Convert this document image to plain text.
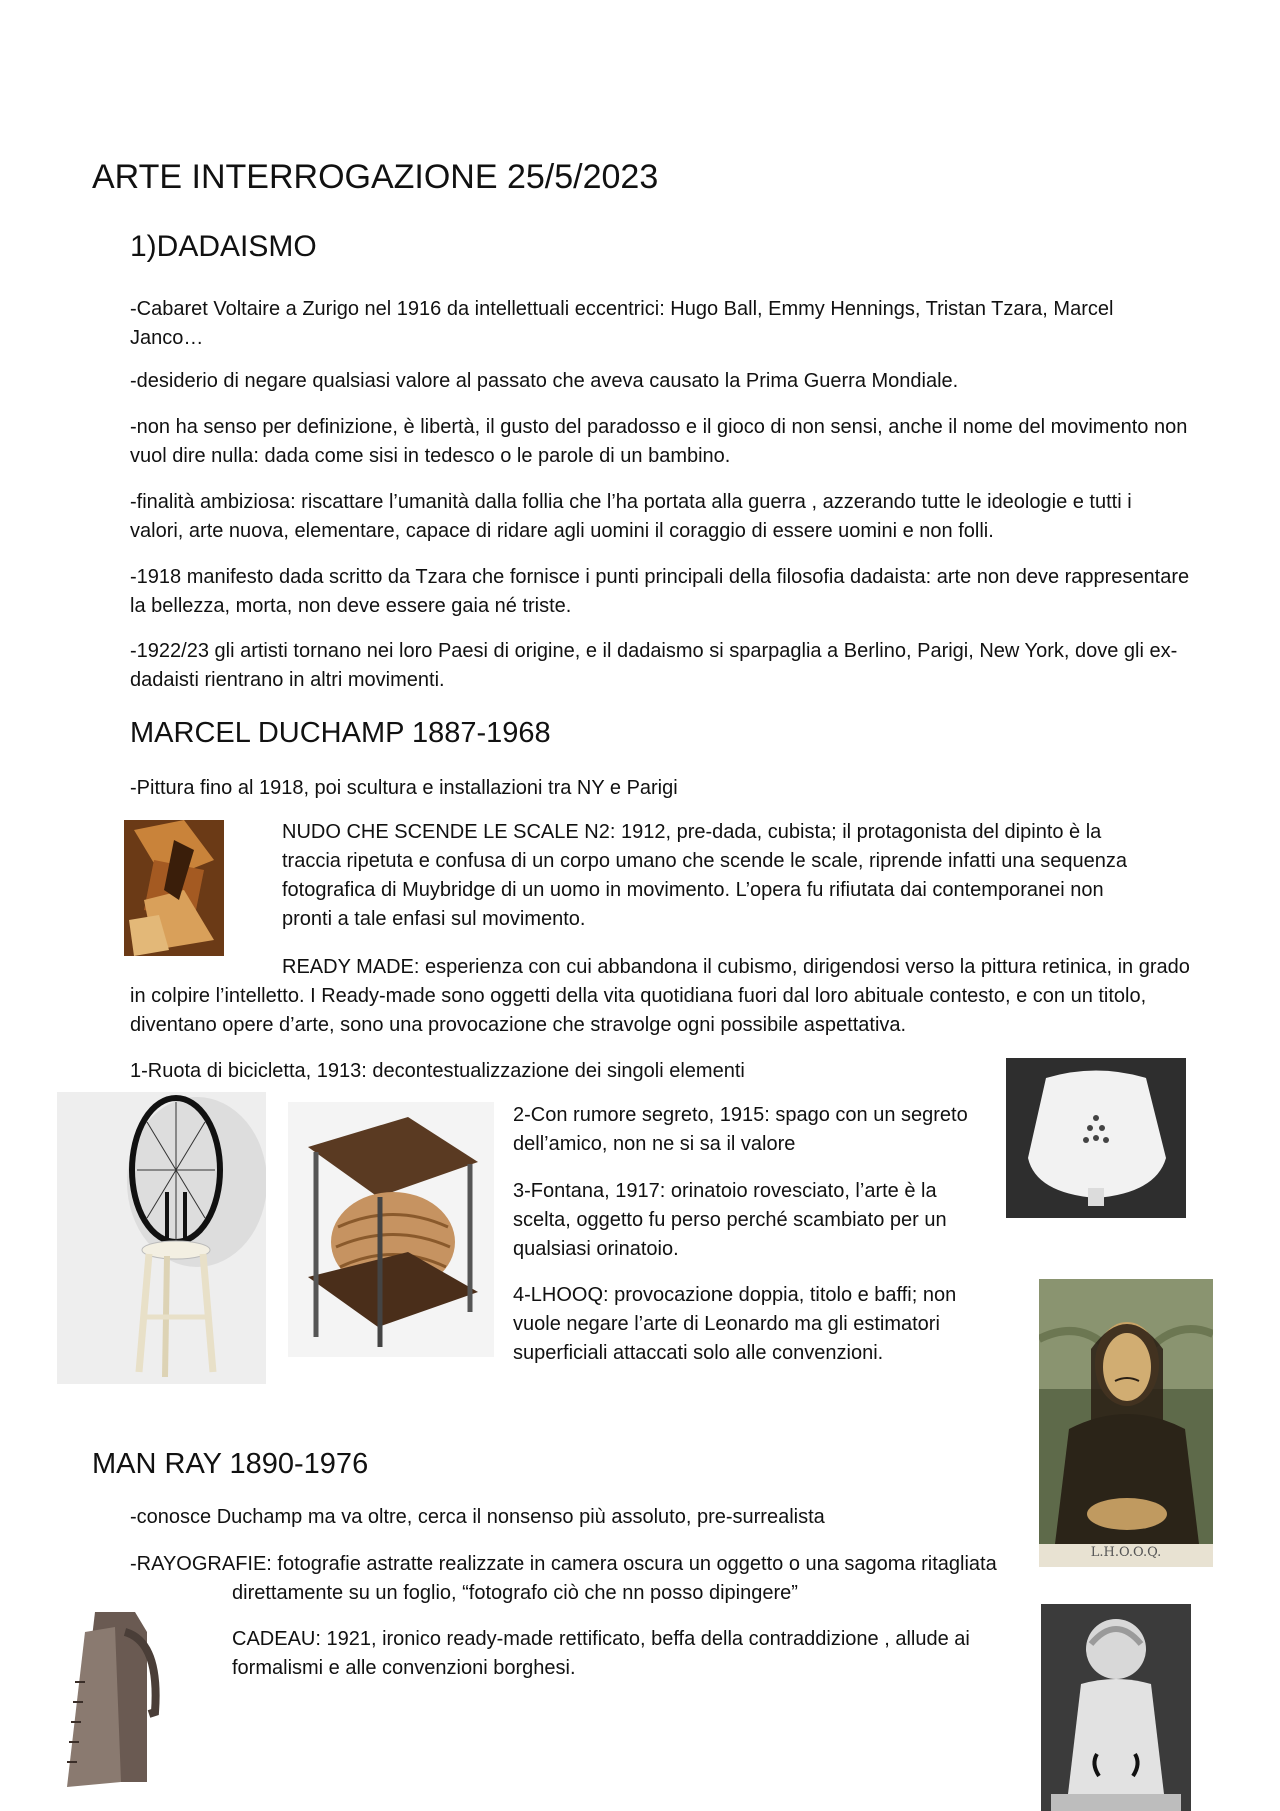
ARTE INTERROGAZIONE 25/5/2023
1)DADAISMO

-Cabaret Voltaire a Zurigo nel 1916 da intellettuali eccentrici: Hugo Ball, Emmy Hennings, Tristan Tzara, Marcel Janco…

-desiderio di negare qualsiasi valore al passato che aveva causato la Prima Guerra Mondiale.

-non ha senso per definizione, è libertà, il gusto del paradosso e il gioco di non sensi, anche il nome del movimento non vuol dire nulla: dada come sisi in tedesco o le parole di un bambino.

-finalità ambiziosa: riscattare l’umanità dalla follia che l’ha portata alla guerra , azzerando tutte le ideologie e tutti i valori, arte nuova, elementare, capace di ridare agli uomini il coraggio di essere uomini e non folli.

-1918 manifesto dada scritto da Tzara che fornisce i punti principali della filosofia dadaista: arte non deve rappresentare la bellezza, morta, non deve essere gaia né triste.

-1922/23 gli artisti tornano nei loro Paesi di origine, e il dadaismo si sparpaglia a Berlino, Parigi, New York, dove gli ex-dadaisti rientrano in altri movimenti.

MARCEL DUCHAMP 1887-1968

-Pittura fino al 1918, poi scultura e installazioni tra NY e Parigi

NUDO CHE SCENDE LE SCALE N2: 1912, pre-dada, cubista; il protagonista del dipinto è la traccia ripetuta e confusa di un corpo umano che scende le scale, riprende infatti una sequenza fotografica di Muybridge di un uomo in movimento. L’opera fu rifiutata dai contemporanei non pronti a tale enfasi sul movimento.

READY MADE: esperienza con cui abbandona il cubismo, dirigendosi verso la pittura retinica, in grado in colpire l’intelletto. I Ready-made sono oggetti della vita quotidiana fuori dal loro abituale contesto, e con un titolo, diventano opere d’arte, sono una provocazione che stravolge ogni possibile aspettativa.

1-Ruota di bicicletta, 1913: decontestualizzazione dei singoli elementi

2-Con rumore segreto, 1915: spago con un segreto dell’amico, non ne si sa il valore

3-Fontana, 1917: orinatoio rovesciato, l’arte è la scelta, oggetto fu perso perché scambiato per un qualsiasi orinatoio.

4-LHOOQ: provocazione doppia, titolo e baffi; non vuole negare l’arte di Leonardo ma gli estimatori superficiali attaccati solo alle convenzioni.

L.H.O.O.Q.
MAN RAY 1890-1976

-conosce Duchamp ma va oltre, cerca il nonsenso più assoluto, pre-surrealista

-RAYOGRAFIE: fotografie astratte realizzate in camera oscura un oggetto o una sagoma ritagliata direttamente su un foglio, “fotografo ciò che nn posso dipingere”

CADEAU: 1921, ironico ready-made rettificato, beffa della contraddizione , allude ai formalismi e alle convenzioni borghesi.
